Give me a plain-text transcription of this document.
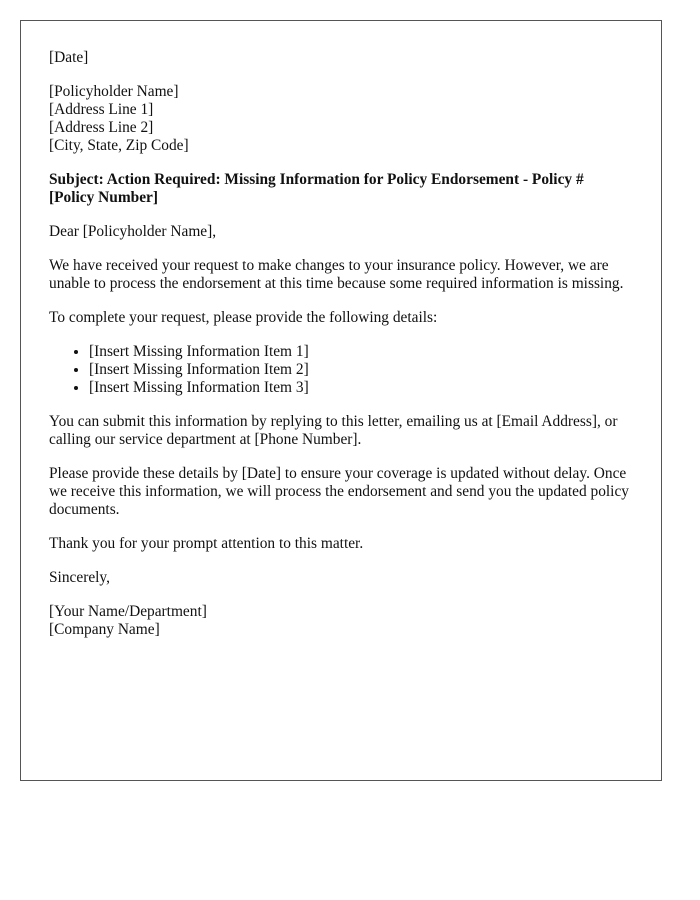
[Date]

[Policyholder Name]
[Address Line 1]
[Address Line 2]
[City, State, Zip Code]
Subject: Action Required: Missing Information for Policy Endorsement - Policy #
[Policy Number]

Dear [Policyholder Name],

We have received your request to make changes to your insurance policy. However, we are unable to process the endorsement at this time because some required information is missing.

To complete your request, please provide the following details:

• [Insert Missing Information Item 1]
• [Insert Missing Information Item 2]
• [Insert Missing Information Item 3]

You can submit this information by replying to this letter, emailing us at [Email Address], or calling our service department at [Phone Number].

Please provide these details by [Date] to ensure your coverage is updated without delay. Once we receive this information, we will process the endorsement and send you the updated policy documents.

Thank you for your prompt attention to this matter.

Sincerely,

[Your Name/Department]
[Company Name]
